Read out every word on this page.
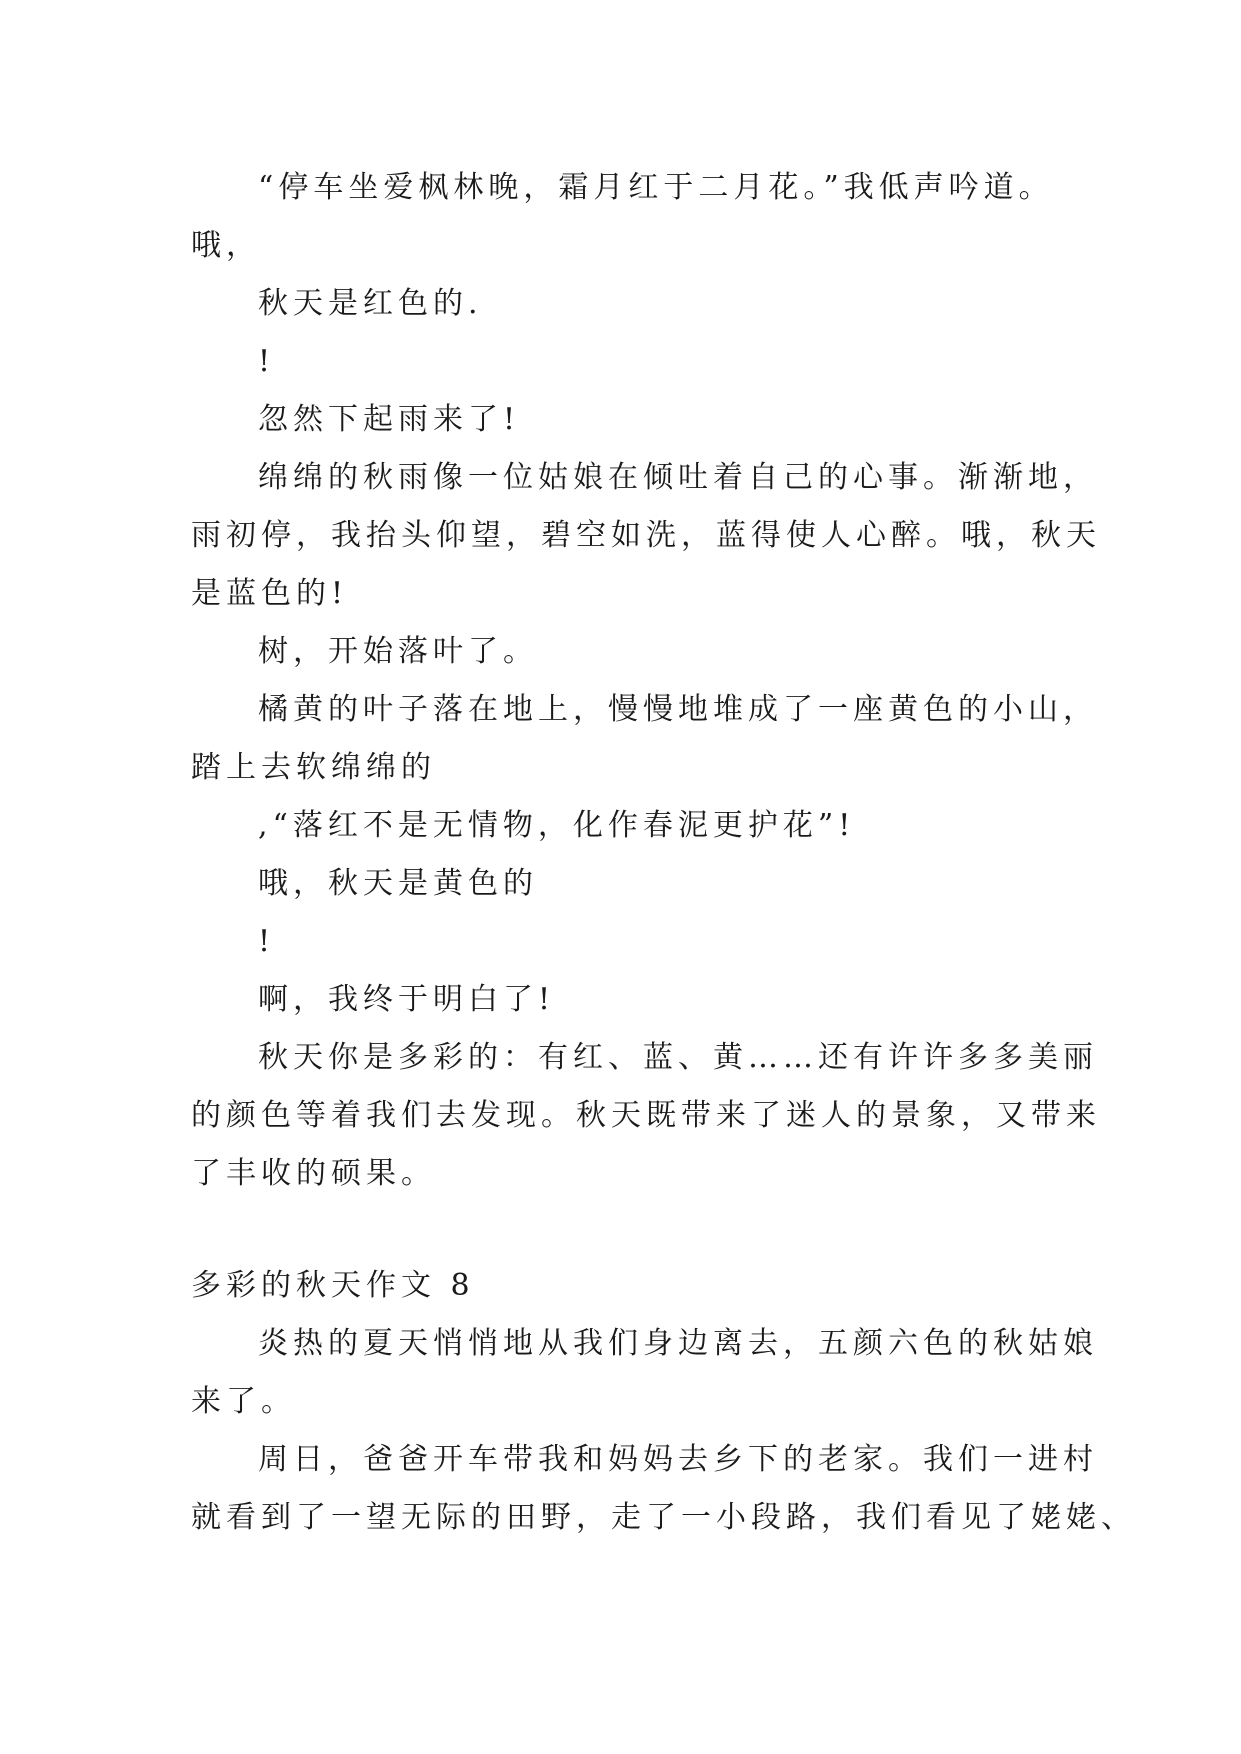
“停车坐爱枫林晚，霜月红于二月花。”我低声吟道。
哦，
秋天是红色的.
!
忽然下起雨来了!
绵绵的秋雨像一位姑娘在倾吐着自己的心事。渐渐地，
雨初停，我抬头仰望，碧空如洗，蓝得使人心醉。哦，秋天
是蓝色的!
树，开始落叶了。
橘黄的叶子落在地上，慢慢地堆成了一座黄色的小山，
踏上去软绵绵的
,“落红不是无情物，化作春泥更护花”!
哦，秋天是黄色的
!
啊，我终于明白了!
秋天你是多彩的：有红、蓝、黄……还有许许多多美丽
的颜色等着我们去发现。秋天既带来了迷人的景象，又带来
了丰收的硕果。
多彩的秋天作文 8
炎热的夏天悄悄地从我们身边离去，五颜六色的秋姑娘
来了。
周日，爸爸开车带我和妈妈去乡下的老家。我们一进村
就看到了一望无际的田野，走了一小段路，我们看见了姥姥、
